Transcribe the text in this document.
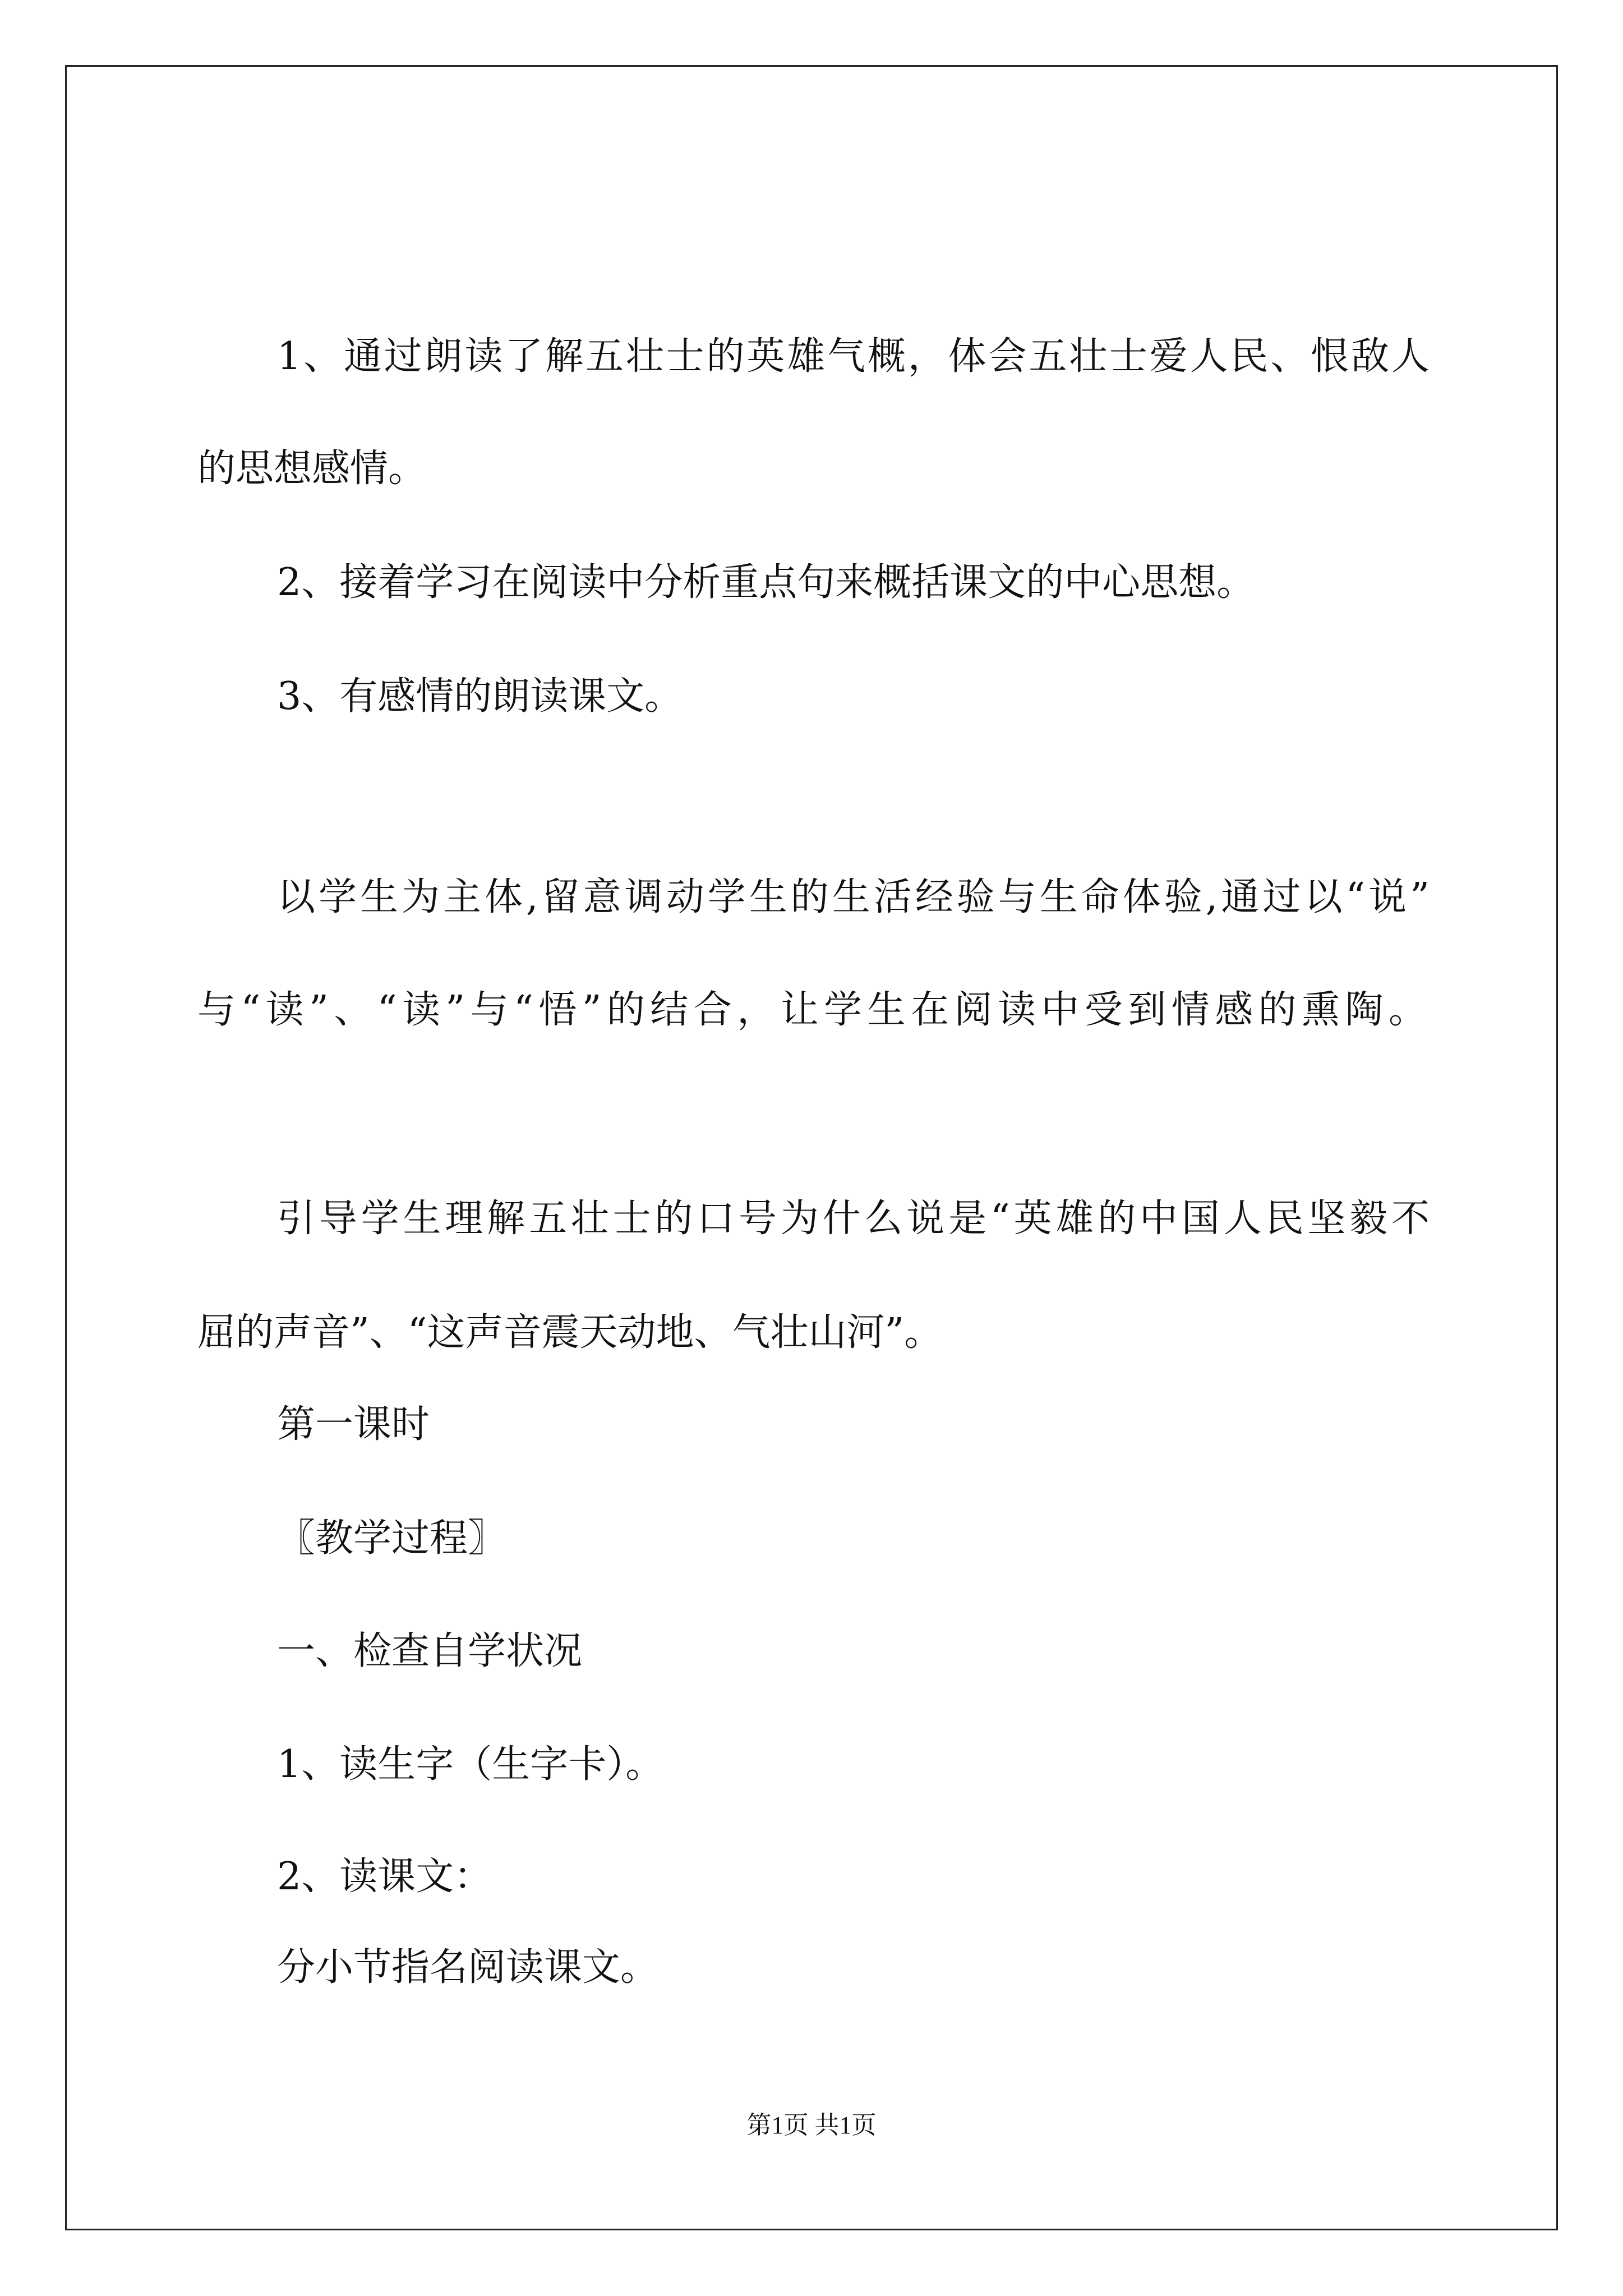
1、通过朗读了解五壮士的英雄气概，体会五壮士爱人民、恨敌人
的思想感情。
2、接着学习在阅读中分析重点句来概括课文的中心思想。
3、有感情的朗读课文。
以学生为主体,留意调动学生的生活经验与生命体验,通过以“说”
与“读”、“读”与“悟”的结合，让学生在阅读中受到情感的熏陶。
引导学生理解五壮士的口号为什么说是“英雄的中国人民坚毅不
屈的声音”、“这声音震天动地、气壮山河”。
第一课时
〖教学过程〗
一、检查自学状况
1、读生字（生字卡）。
2、读课文：
分小节指名阅读课文。
第1页 共1页
